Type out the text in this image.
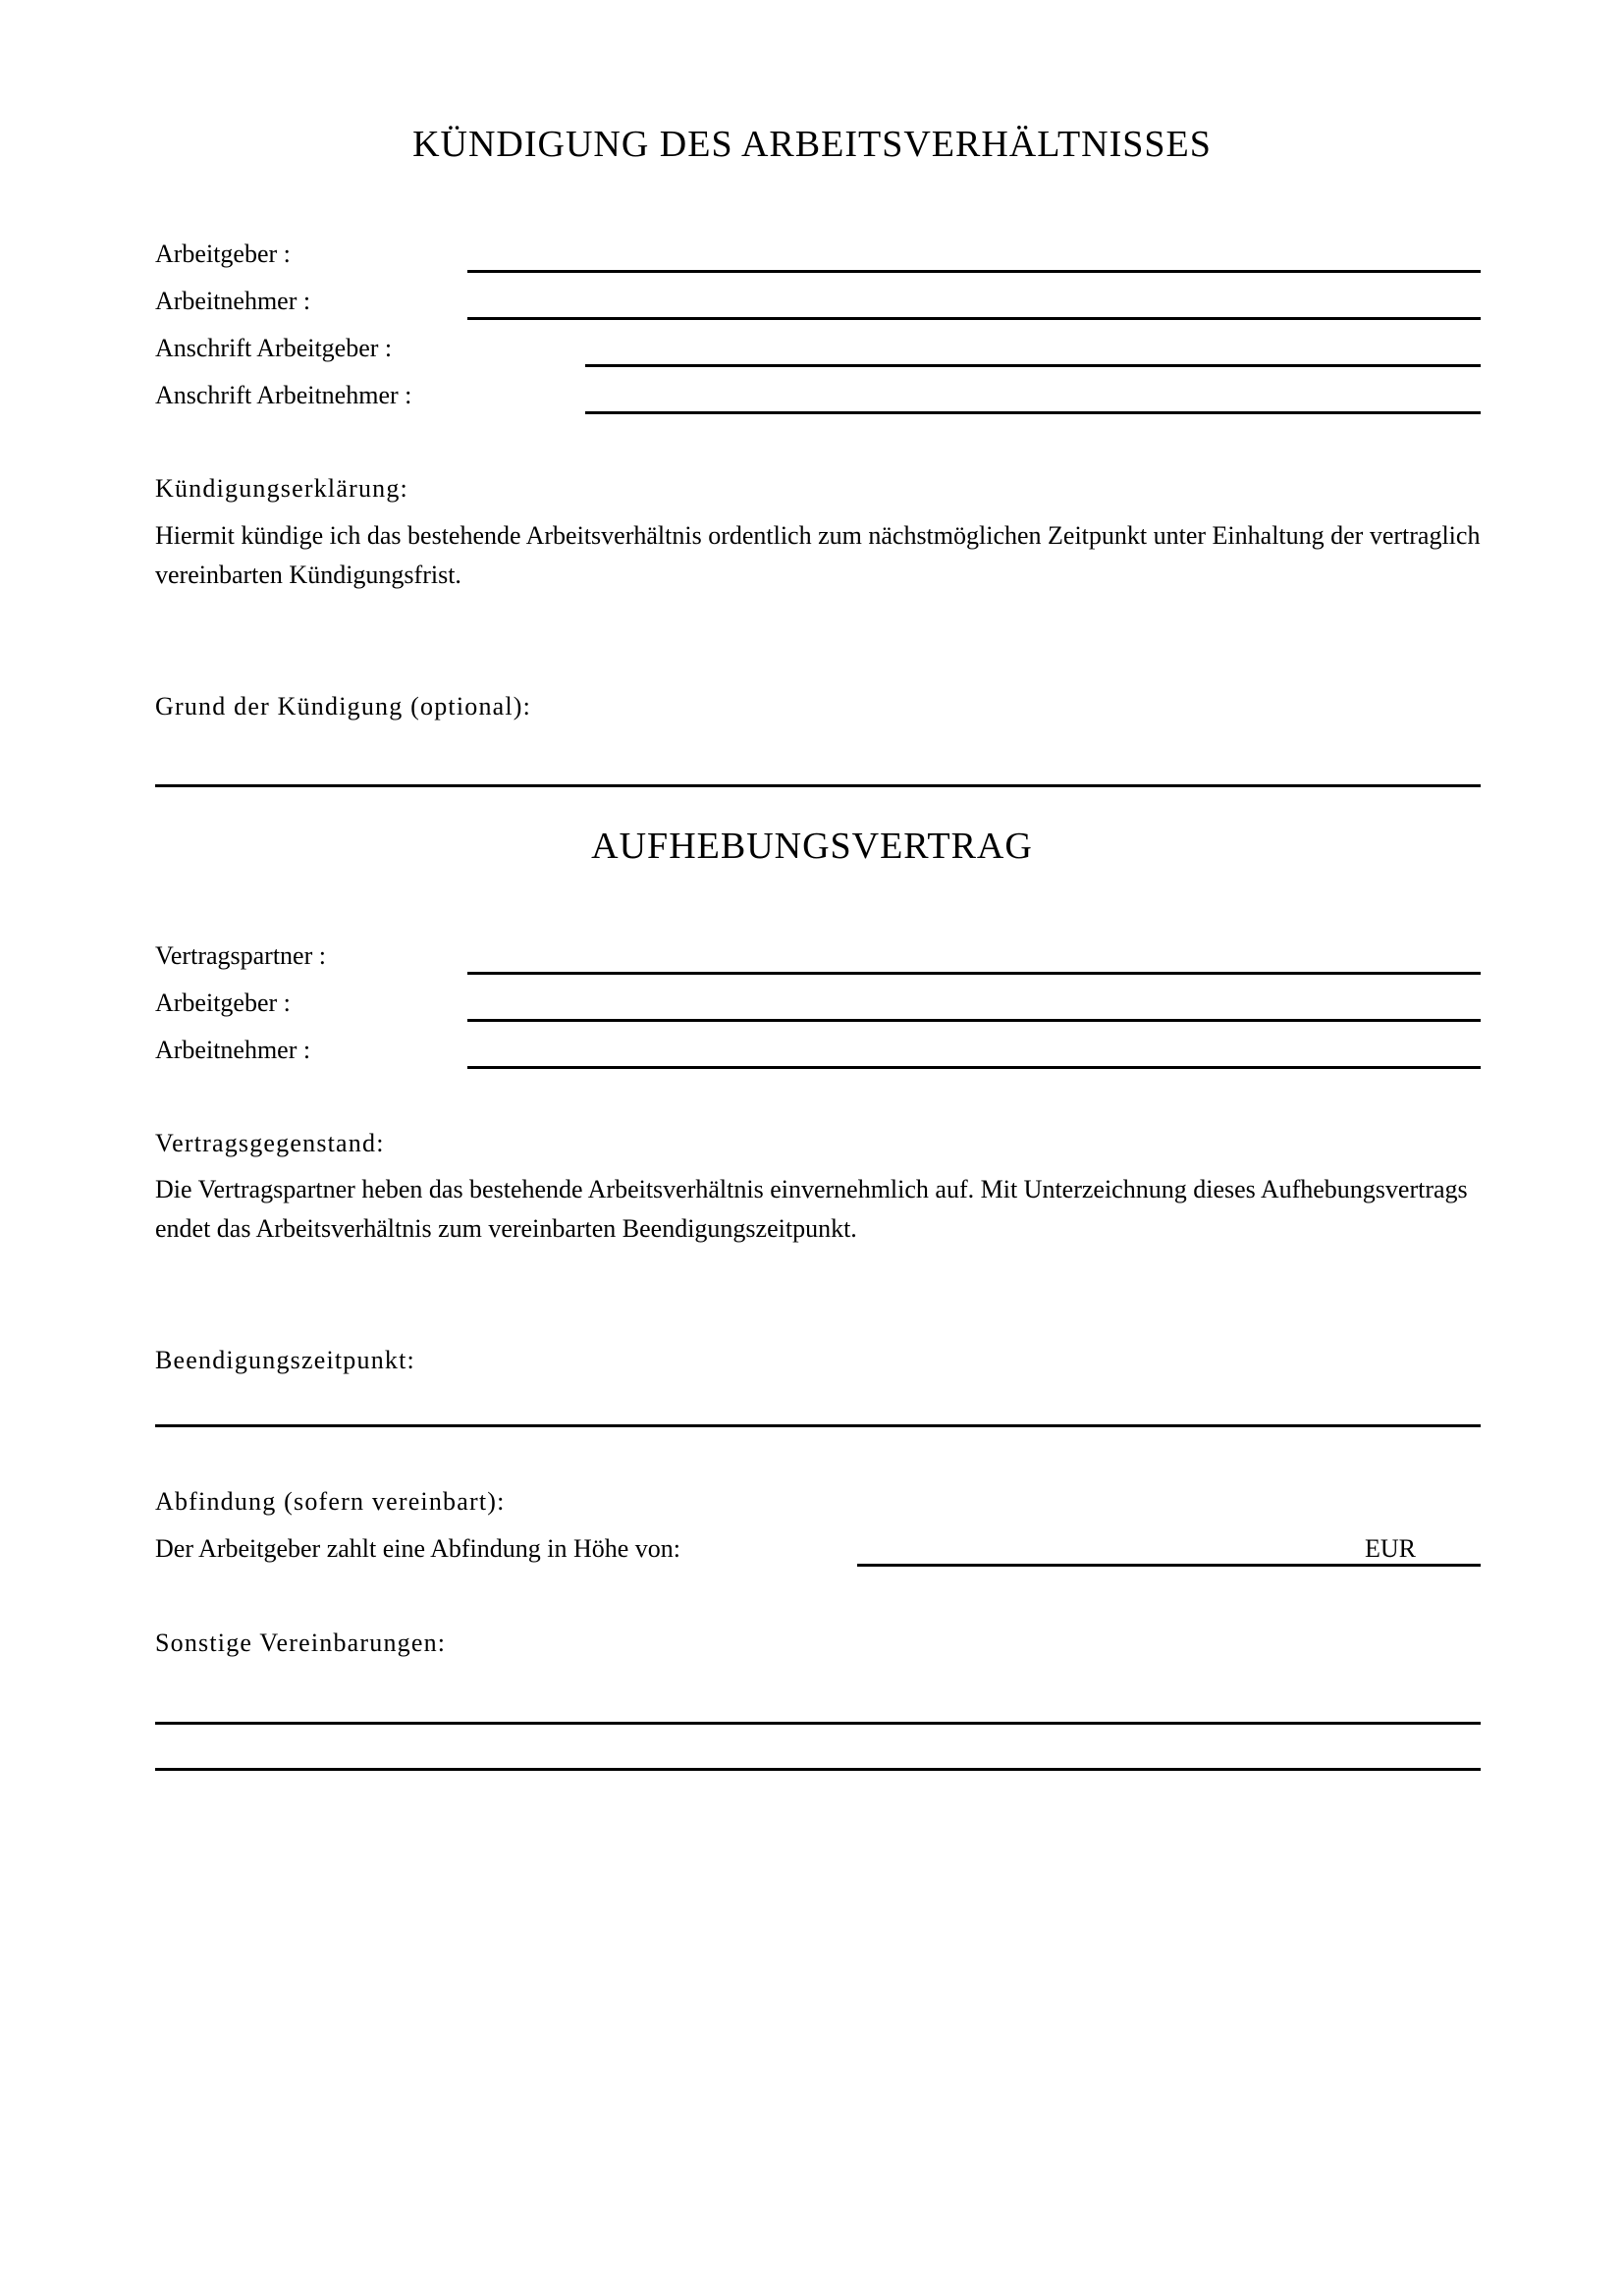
KÜNDIGUNG DES ARBEITSVERHÄLTNISSES
Arbeitgeber :
Arbeitnehmer :
Anschrift Arbeitgeber :
Anschrift Arbeitnehmer :
Kündigungserklärung:

Hiermit kündige ich das bestehende Arbeitsverhältnis ordentlich zum nächstmöglichen Zeitpunkt unter Einhaltung der vertraglich vereinbarten Kündigungsfrist.

Grund der Kündigung (optional):
AUFHEBUNGSVERTRAG
Vertragspartner :
Arbeitgeber :
Arbeitnehmer :
Vertragsgegenstand:

Die Vertragspartner heben das bestehende Arbeitsverhältnis einvernehmlich auf. Mit Unterzeichnung dieses Aufhebungsvertrags endet das Arbeitsverhältnis zum vereinbarten Beendigungszeitpunkt.

Beendigungszeitpunkt:
Abfindung (sofern vereinbart):
Der Arbeitgeber zahlt eine Abfindung in Höhe von:	EUR
Sonstige Vereinbarungen:
